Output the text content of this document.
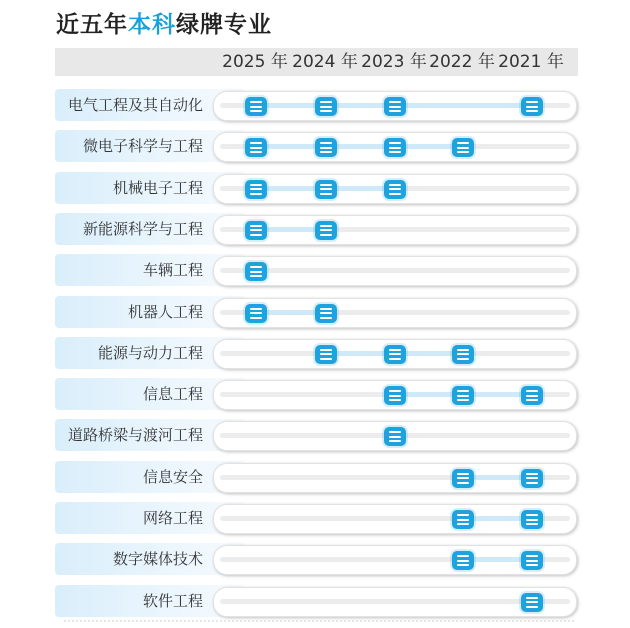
近五年本科绿牌专业
2025 年 2024 年 2023 年 2022 年 2021 年
电气工程及其自动化
微电子科学与工程
机械电子工程
新能源科学与工程
车辆工程
机器人工程
能源与动力工程
信息工程
道路桥梁与渡河工程
信息安全
网络工程
数字媒体技术
软件工程
